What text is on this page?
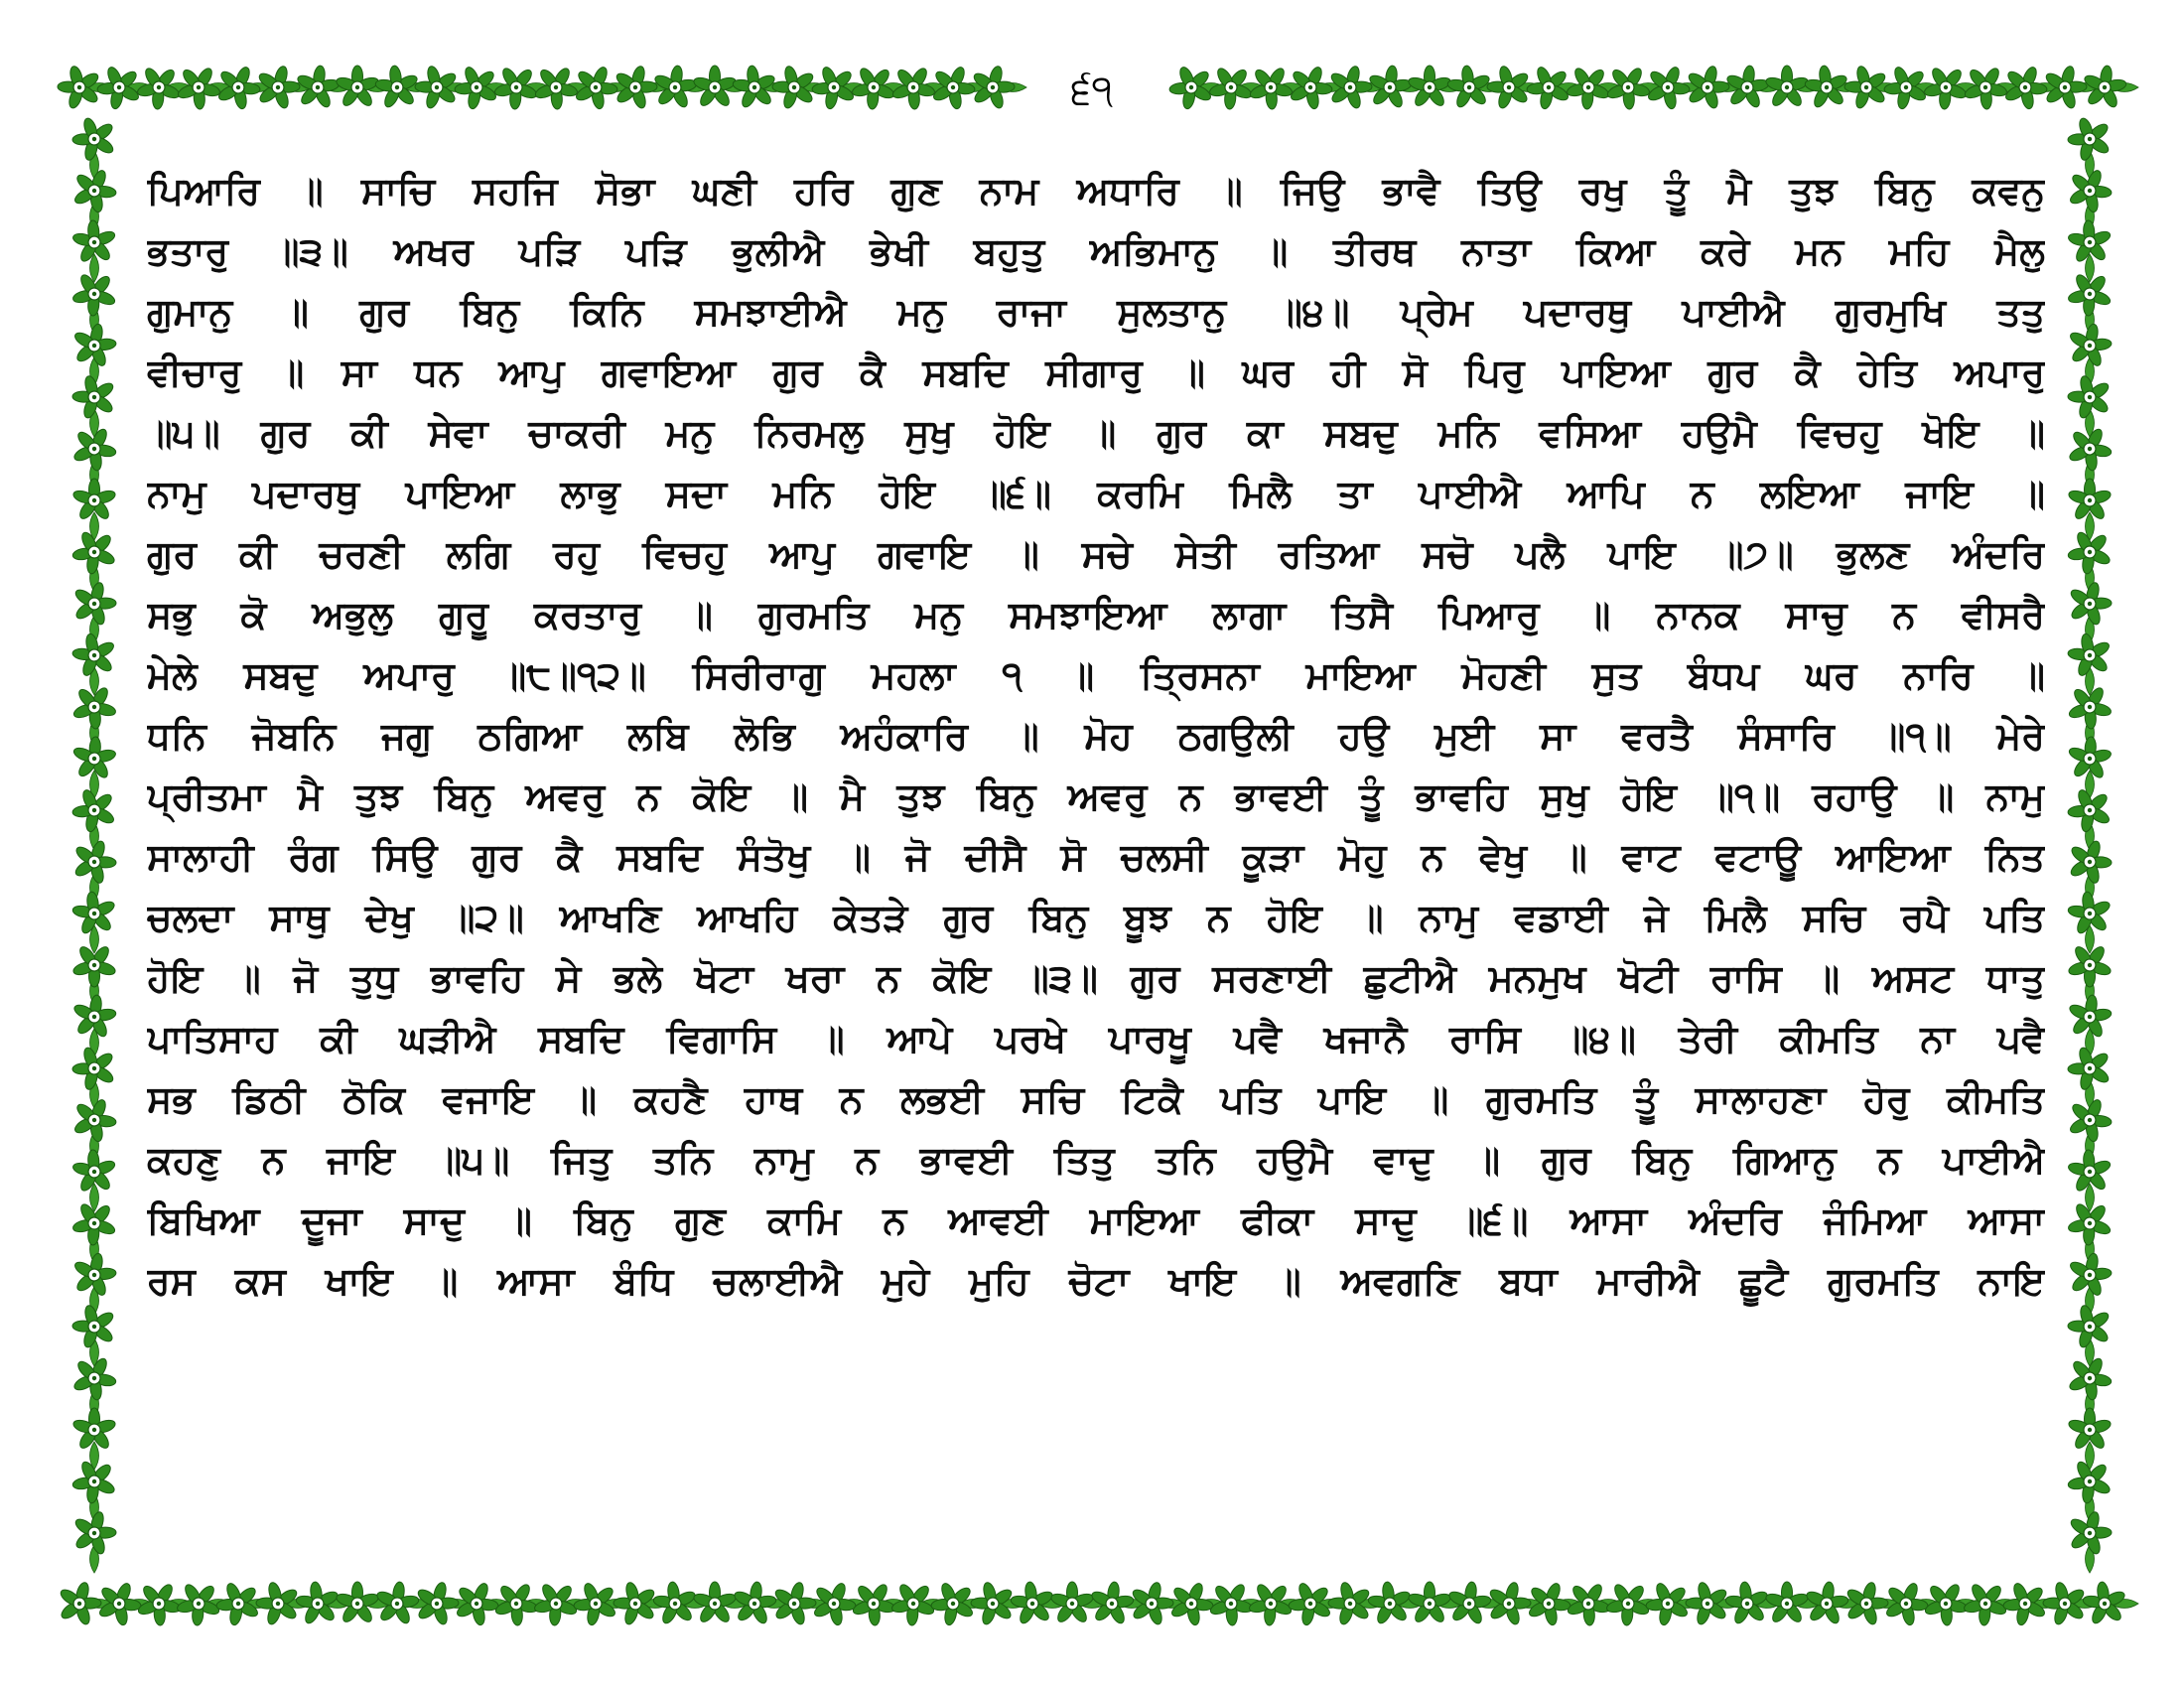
੬੧
ਪਿਆਰਿ ॥ ਸਾਚਿ ਸਹਜਿ ਸੋਭਾ ਘਣੀ ਹਰਿ ਗੁਣ ਨਾਮ ਅਧਾਰਿ ॥ ਜਿਉ ਭਾਵੈ ਤਿਉ ਰਖੁ ਤੂੰ ਮੈ ਤੁਝ ਬਿਨੁ ਕਵਨੁ
ਭਤਾਰੁ ॥੩॥ ਅਖਰ ਪੜਿ ਪੜਿ ਭੁਲੀਐ ਭੇਖੀ ਬਹੁਤੁ ਅਭਿਮਾਨੁ ॥ ਤੀਰਥ ਨਾਤਾ ਕਿਆ ਕਰੇ ਮਨ ਮਹਿ ਮੈਲੁ
ਗੁਮਾਨੁ ॥ ਗੁਰ ਬਿਨੁ ਕਿਨਿ ਸਮਝਾਈਐ ਮਨੁ ਰਾਜਾ ਸੁਲਤਾਨੁ ॥੪॥ ਪ੍ਰੇਮ ਪਦਾਰਥੁ ਪਾਈਐ ਗੁਰਮੁਖਿ ਤਤੁ
ਵੀਚਾਰੁ ॥ ਸਾ ਧਨ ਆਪੁ ਗਵਾਇਆ ਗੁਰ ਕੈ ਸਬਦਿ ਸੀਗਾਰੁ ॥ ਘਰ ਹੀ ਸੋ ਪਿਰੁ ਪਾਇਆ ਗੁਰ ਕੈ ਹੇਤਿ ਅਪਾਰੁ
॥੫॥ ਗੁਰ ਕੀ ਸੇਵਾ ਚਾਕਰੀ ਮਨੁ ਨਿਰਮਲੁ ਸੁਖੁ ਹੋਇ ॥ ਗੁਰ ਕਾ ਸਬਦੁ ਮਨਿ ਵਸਿਆ ਹਉਮੈ ਵਿਚਹੁ ਖੋਇ ॥
ਨਾਮੁ ਪਦਾਰਥੁ ਪਾਇਆ ਲਾਭੁ ਸਦਾ ਮਨਿ ਹੋਇ ॥੬॥ ਕਰਮਿ ਮਿਲੈ ਤਾ ਪਾਈਐ ਆਪਿ ਨ ਲਇਆ ਜਾਇ ॥
ਗੁਰ ਕੀ ਚਰਣੀ ਲਗਿ ਰਹੁ ਵਿਚਹੁ ਆਪੁ ਗਵਾਇ ॥ ਸਚੇ ਸੇਤੀ ਰਤਿਆ ਸਚੋ ਪਲੈ ਪਾਇ ॥੭॥ ਭੁਲਣ ਅੰਦਰਿ
ਸਭੁ ਕੋ ਅਭੁਲੁ ਗੁਰੂ ਕਰਤਾਰੁ ॥ ਗੁਰਮਤਿ ਮਨੁ ਸਮਝਾਇਆ ਲਾਗਾ ਤਿਸੈ ਪਿਆਰੁ ॥ ਨਾਨਕ ਸਾਚੁ ਨ ਵੀਸਰੈ
ਮੇਲੇ ਸਬਦੁ ਅਪਾਰੁ ॥੮॥੧੨॥ ਸਿਰੀਰਾਗੁ ਮਹਲਾ ੧ ॥ ਤ੍ਰਿਸਨਾ ਮਾਇਆ ਮੋਹਣੀ ਸੁਤ ਬੰਧਪ ਘਰ ਨਾਰਿ ॥
ਧਨਿ ਜੋਬਨਿ ਜਗੁ ਠਗਿਆ ਲਬਿ ਲੋਭਿ ਅਹੰਕਾਰਿ ॥ ਮੋਹ ਠਗਉਲੀ ਹਉ ਮੁਈ ਸਾ ਵਰਤੈ ਸੰਸਾਰਿ ॥੧॥ ਮੇਰੇ
ਪ੍ਰੀਤਮਾ ਮੈ ਤੁਝ ਬਿਨੁ ਅਵਰੁ ਨ ਕੋਇ ॥ ਮੈ ਤੁਝ ਬਿਨੁ ਅਵਰੁ ਨ ਭਾਵਈ ਤੂੰ ਭਾਵਹਿ ਸੁਖੁ ਹੋਇ ॥੧॥ ਰਹਾਉ ॥ ਨਾਮੁ
ਸਾਲਾਹੀ ਰੰਗ ਸਿਉ ਗੁਰ ਕੈ ਸਬਦਿ ਸੰਤੋਖੁ ॥ ਜੋ ਦੀਸੈ ਸੋ ਚਲਸੀ ਕੂੜਾ ਮੋਹੁ ਨ ਵੇਖੁ ॥ ਵਾਟ ਵਟਾਊ ਆਇਆ ਨਿਤ
ਚਲਦਾ ਸਾਥੁ ਦੇਖੁ ॥੨॥ ਆਖਣਿ ਆਖਹਿ ਕੇਤੜੇ ਗੁਰ ਬਿਨੁ ਬੂਝ ਨ ਹੋਇ ॥ ਨਾਮੁ ਵਡਾਈ ਜੇ ਮਿਲੈ ਸਚਿ ਰਪੈ ਪਤਿ
ਹੋਇ ॥ ਜੋ ਤੁਧੁ ਭਾਵਹਿ ਸੇ ਭਲੇ ਖੋਟਾ ਖਰਾ ਨ ਕੋਇ ॥੩॥ ਗੁਰ ਸਰਣਾਈ ਛੁਟੀਐ ਮਨਮੁਖ ਖੋਟੀ ਰਾਸਿ ॥ ਅਸਟ ਧਾਤੁ
ਪਾਤਿਸਾਹ ਕੀ ਘੜੀਐ ਸਬਦਿ ਵਿਗਾਸਿ ॥ ਆਪੇ ਪਰਖੇ ਪਾਰਖੂ ਪਵੈ ਖਜਾਨੈ ਰਾਸਿ ॥੪॥ ਤੇਰੀ ਕੀਮਤਿ ਨਾ ਪਵੈ
ਸਭ ਡਿਠੀ ਠੋਕਿ ਵਜਾਇ ॥ ਕਹਣੈ ਹਾਥ ਨ ਲਭਈ ਸਚਿ ਟਿਕੈ ਪਤਿ ਪਾਇ ॥ ਗੁਰਮਤਿ ਤੂੰ ਸਾਲਾਹਣਾ ਹੋਰੁ ਕੀਮਤਿ
ਕਹਣੁ ਨ ਜਾਇ ॥੫॥ ਜਿਤੁ ਤਨਿ ਨਾਮੁ ਨ ਭਾਵਈ ਤਿਤੁ ਤਨਿ ਹਉਮੈ ਵਾਦੁ ॥ ਗੁਰ ਬਿਨੁ ਗਿਆਨੁ ਨ ਪਾਈਐ
ਬਿਖਿਆ ਦੂਜਾ ਸਾਦੁ ॥ ਬਿਨੁ ਗੁਣ ਕਾਮਿ ਨ ਆਵਈ ਮਾਇਆ ਫੀਕਾ ਸਾਦੁ ॥੬॥ ਆਸਾ ਅੰਦਰਿ ਜੰਮਿਆ ਆਸਾ
ਰਸ ਕਸ ਖਾਇ ॥ ਆਸਾ ਬੰਧਿ ਚਲਾਈਐ ਮੁਹੇ ਮੁਹਿ ਚੋਟਾ ਖਾਇ ॥ ਅਵਗਣਿ ਬਧਾ ਮਾਰੀਐ ਛੂਟੈ ਗੁਰਮਤਿ ਨਾਇ
